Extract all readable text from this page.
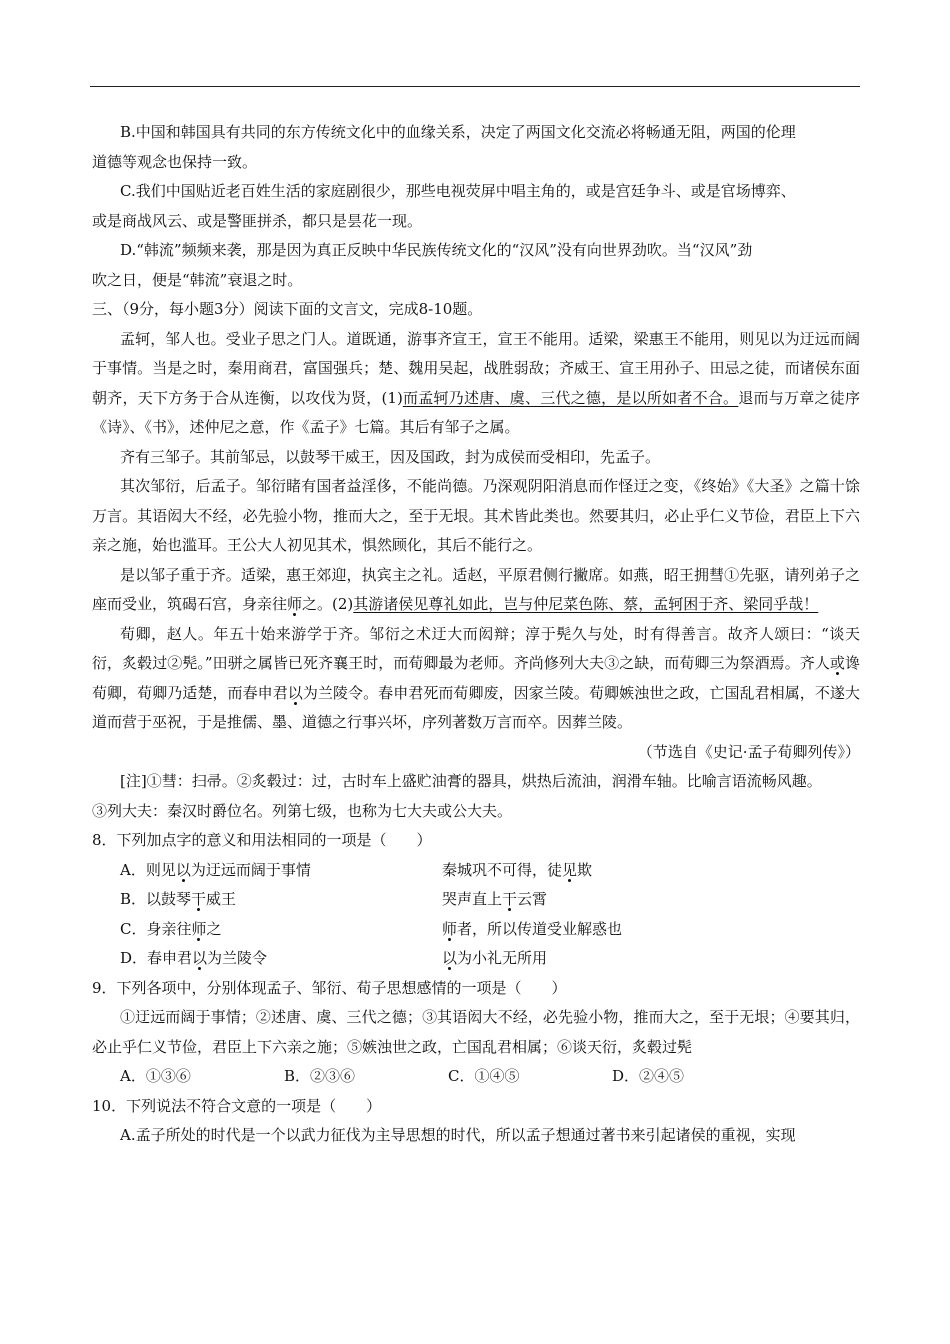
B.中国和韩国具有共同的东方传统文化中的血缘关系，决定了两国文化交流必将畅通无阻，两国的伦理
道德等观念也保持一致。

C.我们中国贴近老百姓生活的家庭剧很少，那些电视荧屏中唱主角的，或是宫廷争斗、或是官场博弈、
或是商战风云、或是警匪拼杀，都只是昙花一现。

D.“韩流”频频来袭，那是因为真正反映中华民族传统文化的“汉风”没有向世界劲吹。当“汉风”劲
吹之日，便是“韩流”衰退之时。

三、（9分，每小题3分）阅读下面的文言文，完成8-10题。

孟轲，邹人也。受业子思之门人。道既通，游事齐宣王，宣王不能用。适梁，梁惠王不能用，则见以为迂远而阔于事情。当是之时，秦用商君，富国强兵；楚、魏用吴起，战胜弱敌；齐威王、宣王用孙子、田忌之徒，而诸侯东面朝齐，天下方务于合从连衡，以攻伐为贤，(1)而孟轲乃述唐、虞、三代之德，是以所如者不合。退而与万章之徒序《诗》、《书》，述仲尼之意，作《孟子》七篇。其后有邹子之属。

齐有三邹子。其前邹忌，以鼓琴干威王，因及国政，封为成侯而受相印，先孟子。

其次邹衍，后孟子。邹衍睹有国者益淫侈，不能尚德。乃深观阴阳消息而作怪迂之变，《终始》《大圣》之篇十馀万言。其语闳大不经，必先验小物，推而大之，至于无垠。其术皆此类也。然要其归，必止乎仁义节俭，君臣上下六亲之施，始也滥耳。王公大人初见其术，惧然顾化，其后不能行之。

是以邹子重于齐。适梁，惠王郊迎，执宾主之礼。适赵，平原君侧行撇席。如燕，昭王拥彗①先驱，请列弟子之座而受业，筑碣石宫，身亲往师之。(2)其游诸侯见尊礼如此，岂与仲尼菜色陈、蔡，孟轲困于齐、梁同乎哉！

荀卿，赵人。年五十始来游学于齐。邹衍之术迂大而闳辩；淳于髡久与处，时有得善言。故齐人颂曰：“谈天衍，炙毂过②髡。”田骈之属皆已死齐襄王时，而荀卿最为老师。齐尚修列大夫③之缺，而荀卿三为祭酒焉。齐人或谗荀卿，荀卿乃适楚，而春申君以为兰陵令。春申君死而荀卿废，因家兰陵。荀卿嫉浊世之政，亡国乱君相属，不遂大道而营于巫祝，于是推儒、墨、道德之行事兴坏，序列著数万言而卒。因葬兰陵。

（节选自《史记·孟子荀卿列传》）

[注]①彗：扫帚。②炙毂过：过，古时车上盛贮油膏的器具，烘热后流油，润滑车轴。比喻言语流畅风趣。
③列大夫：秦汉时爵位名。列第七级，也称为七大夫或公大夫。

8．下列加点字的意义和用法相同的一项是（　　）

A．则见以为迂远而阔于事情	秦城巩不可得，徒见欺
B．以鼓琴干威王	哭声直上干云霄
C．身亲往师之	师者，所以传道受业解惑也
D．春申君以为兰陵令	以为小礼无所用

9．下列各项中，分别体现孟子、邹衍、荀子思想感情的一项是（　　）

①迂远而阔于事情；②述唐、虞、三代之德；③其语闳大不经，必先验小物，推而大之，至于无垠；④要其归，必止乎仁义节俭，君臣上下六亲之施；⑤嫉浊世之政，亡国乱君相属；⑥谈天衍，炙毂过髡

A．①③⑥	B．②③⑥	C．①④⑤	D．②④⑤

10．下列说法不符合文意的一项是（　　）

A.孟子所处的时代是一个以武力征伐为主导思想的时代，所以孟子想通过著书来引起诸侯的重视，实现
